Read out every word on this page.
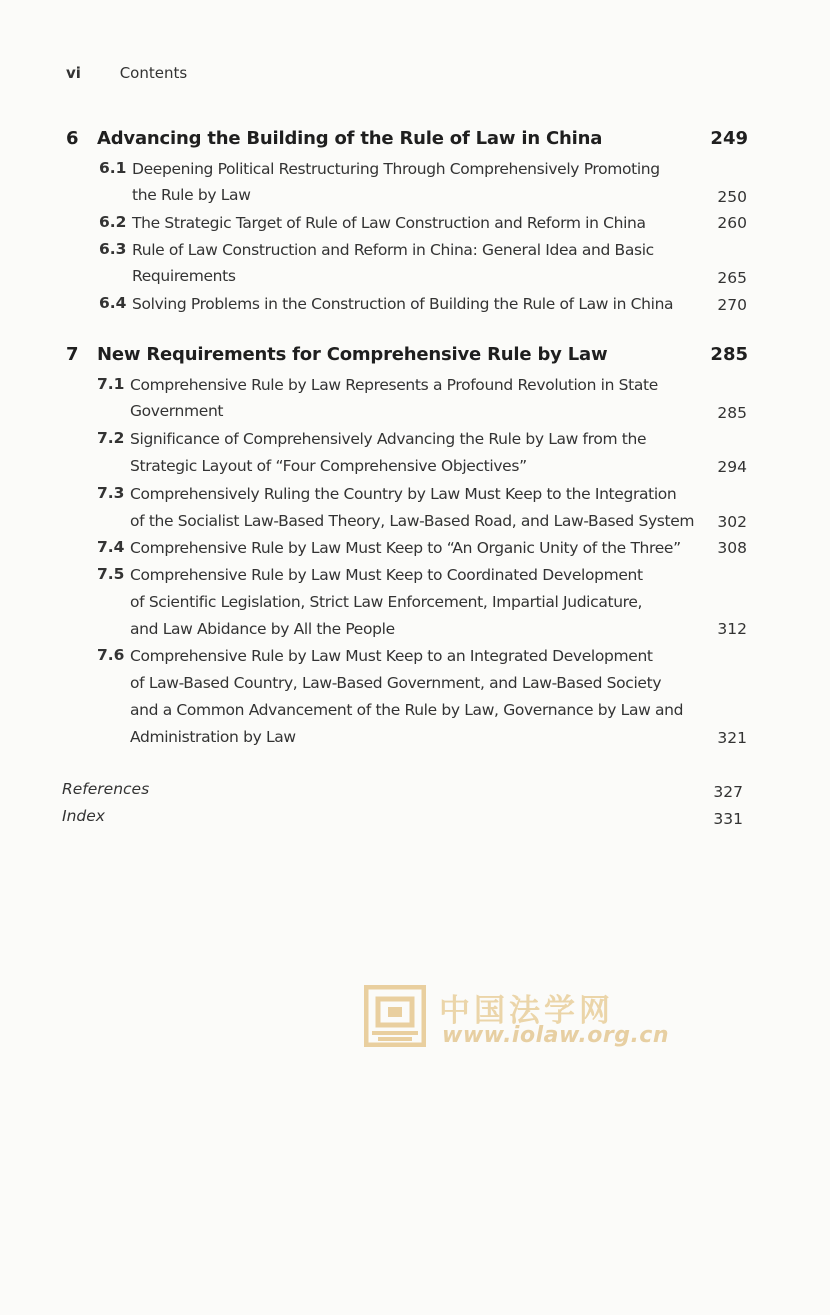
vi	Contents
6 Advancing the Building of the Rule of Law in China	249
6.1 Deepening Political Restructuring Through Comprehensively Promoting
the Rule by Law	250
6.2 The Strategic Target of Rule of Law Construction and Reform in China	260
6.3 Rule of Law Construction and Reform in China: General Idea and Basic
Requirements	265
6.4 Solving Problems in the Construction of Building the Rule of Law in China	270
7 New Requirements for Comprehensive Rule by Law	285
7.1 Comprehensive Rule by Law Represents a Profound Revolution in State
Government	285
7.2 Significance of Comprehensively Advancing the Rule by Law from the
Strategic Layout of “Four Comprehensive Objectives”	294
7.3 Comprehensively Ruling the Country by Law Must Keep to the Integration
of the Socialist Law-Based Theory, Law-Based Road, and Law-Based System 302
7.4 Comprehensive Rule by Law Must Keep to “An Organic Unity of the Three” 308
7.5 Comprehensive Rule by Law Must Keep to Coordinated Development
of Scientific Legislation, Strict Law Enforcement, Impartial Judicature,
and Law Abidance by All the People	312
7.6 Comprehensive Rule by Law Must Keep to an Integrated Development
of Law-Based Country, Law-Based Government, and Law-Based Society
and a Common Advancement of the Rule by Law, Governance by Law and
Administration by Law	321
References	327
Index	331
中国法学网
www.iolaw.org.cn
